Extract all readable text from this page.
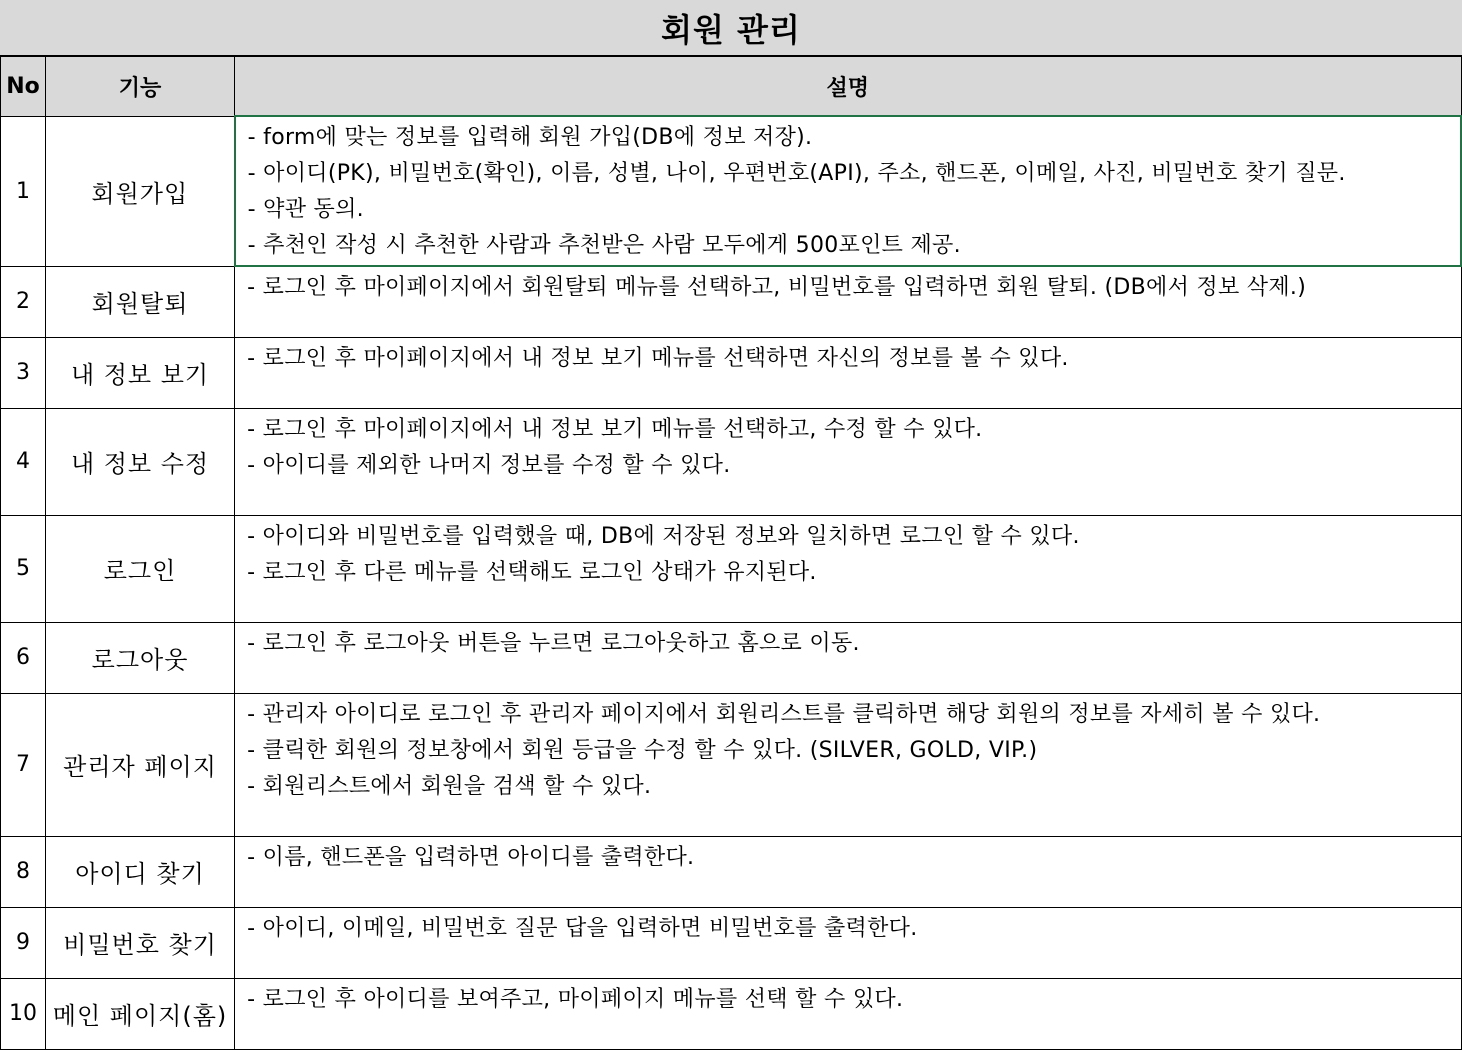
회원 관리
No	기능	설명
1	회원가입	- form에 맞는 정보를 입력해 회원 가입(DB에 정보 저장).
- 아이디(PK), 비밀번호(확인), 이름, 성별, 나이, 우편번호(API), 주소, 핸드폰, 이메일, 사진, 비밀번호 찾기 질문.
- 약관 동의.
- 추천인 작성 시 추천한 사람과 추천받은 사람 모두에게 500포인트 제공.

2	회원탈퇴	- 로그인 후 마이페이지에서 회원탈퇴 메뉴를 선택하고, 비밀번호를 입력하면 회원 탈퇴. (DB에서 정보 삭제.)

3	내 정보 보기	- 로그인 후 마이페이지에서 내 정보 보기 메뉴를 선택하면 자신의 정보를 볼 수 있다.

4	내 정보 수정	- 로그인 후 마이페이지에서 내 정보 보기 메뉴를 선택하고, 수정 할 수 있다.
- 아이디를 제외한 나머지 정보를 수정 할 수 있다.

5	로그인	- 아이디와 비밀번호를 입력했을 때, DB에 저장된 정보와 일치하면 로그인 할 수 있다.
- 로그인 후 다른 메뉴를 선택해도 로그인 상태가 유지된다.

6	로그아웃	- 로그인 후 로그아웃 버튼을 누르면 로그아웃하고 홈으로 이동.

7	관리자 페이지	- 관리자 아이디로 로그인 후 관리자 페이지에서 회원리스트를 클릭하면 해당 회원의 정보를 자세히 볼 수 있다.
- 클릭한 회원의 정보창에서 회원 등급을 수정 할 수 있다. (SILVER, GOLD, VIP.)
- 회원리스트에서 회원을 검색 할 수 있다.

8	아이디 찾기	- 이름, 핸드폰을 입력하면 아이디를 출력한다.

9	비밀번호 찾기	- 아이디, 이메일, 비밀번호 질문 답을 입력하면 비밀번호를 출력한다.

10	메인 페이지(홈)	- 로그인 후 아이디를 보여주고, 마이페이지 메뉴를 선택 할 수 있다.
